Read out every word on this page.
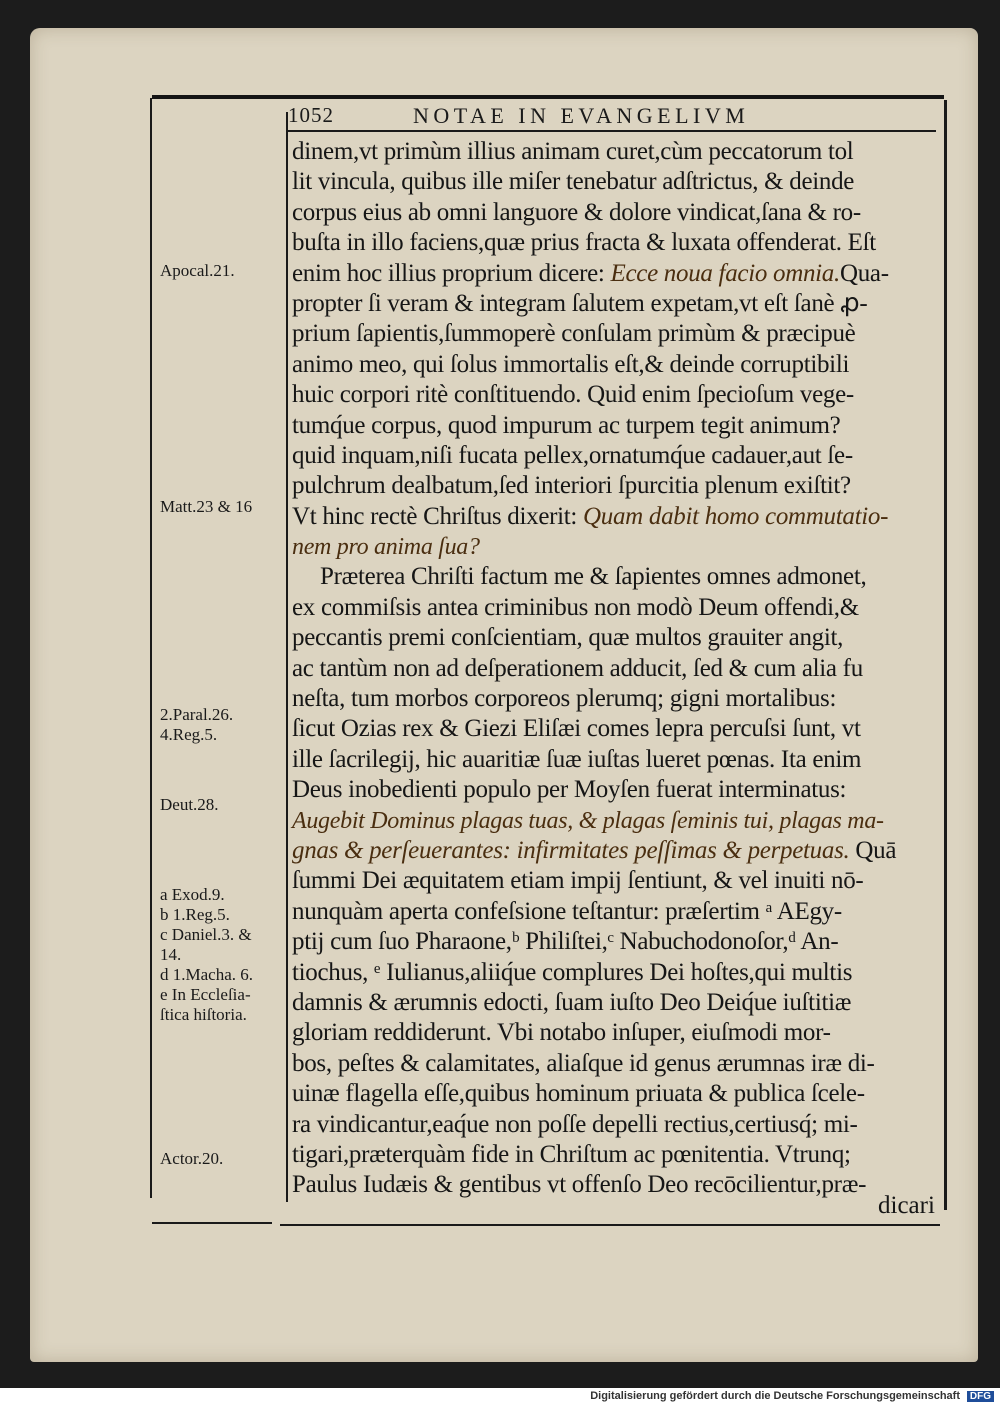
1052	NOTAE IN EVANGELIVM
dinem,vt primùm illius animam curet,cùm peccatorum tol
lit vincula, quibus ille miſer tenebatur adſtrictus, & deinde
corpus eius ab omni languore & dolore vindicat,ſana & ro-
buſta in illo faciens,quæ prius fracta & luxata offenderat. Eſt
enim hoc illius proprium dicere: Ecce noua facio omnia.Qua-
propter ſi veram & integram ſalutem expetam,vt eſt ſanè ꝓ-
prium ſapientis,ſummoperè conſulam primùm & præcipuè
animo meo, qui ſolus immortalis eſt,& deinde corruptibili
huic corpori ritè conſtituendo. Quid enim ſpecioſum vege-
tumq́ue corpus, quod impurum ac turpem tegit animum?
quid inquam,niſi fucata pellex,ornatumq́ue cadauer,aut ſe-
pulchrum dealbatum,ſed interiori ſpurcitia plenum exiſtit?
Vt hinc rectè Chriſtus dixerit: Quam dabit homo commutatio-
nem pro anima ſua?
Præterea Chriſti factum me & ſapientes omnes admonet,
ex commiſsis antea criminibus non modò Deum offendi,&
peccantis premi conſcientiam, quæ multos grauiter angit,
ac tantùm non ad deſperationem adducit, ſed & cum alia fu
neſta, tum morbos corporeos plerumq; gigni mortalibus:
ſicut Ozias rex & Giezi Eliſæi comes lepra percuſsi ſunt, vt
ille ſacrilegij, hic auaritiæ ſuæ iuſtas lueret pœnas. Ita enim
Deus inobedienti populo per Moyſen fuerat interminatus:
Augebit Dominus plagas tuas, & plagas ſeminis tui, plagas ma-
gnas & perſeuerantes: infirmitates peſſimas & perpetuas. Quā
ſummi Dei æquitatem etiam impij ſentiunt, & vel inuiti nō-
nunquàm aperta confeſsione teſtantur: præſertim ᵃ AEgy-
ptij cum ſuo Pharaone,ᵇ Philiſtei,ᶜ Nabuchodonoſor,ᵈ An-
tiochus, ᵉ Iulianus,aliiq́ue complures Dei hoſtes,qui multis
damnis & ærumnis edocti, ſuam iuſto Deo Deiq́ue iuſtitiæ
gloriam reddiderunt. Vbi notabo inſuper, eiuſmodi mor-
bos, peſtes & calamitates, aliaſque id genus ærumnas iræ di-
uinæ flagella eſſe,quibus hominum priuata & publica ſcele-
ra vindicantur,eaq́ue non poſſe depelli rectius,certiusq́; mi-
tigari,præterquàm fide in Chriſtum ac pœnitentia. Vtrunq;
Paulus Iudæis & gentibus vt offenſo Deo recōcilientur,præ-
Apocal.21.
Matt.23 & 16
2.Paral.26.
4.Reg.5.
Deut.28.
a Exod.9.
b 1.Reg.5.
c Daniel.3. &
14.
d 1.Macha. 6.
e In Eccleſia-
ſtica hiſtoria.
Actor.20.
dicari
Digitalisierung gefördert durch die Deutsche Forschungsgemeinschaft DFG
